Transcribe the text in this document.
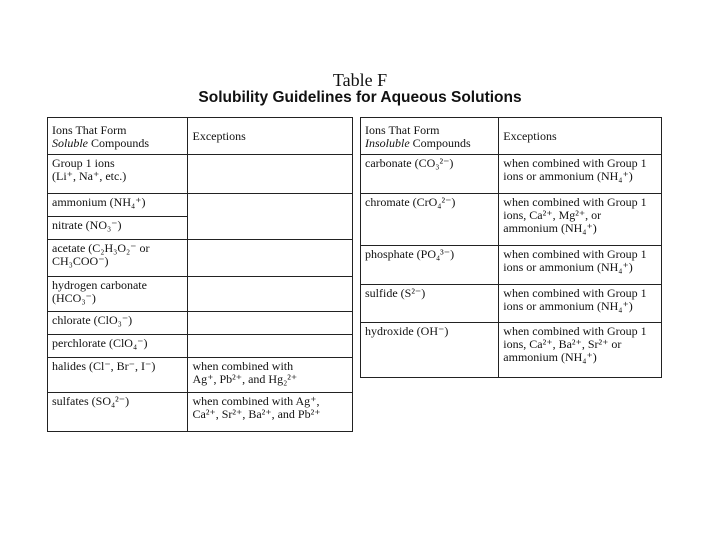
Table F
Solubility Guidelines for Aqueous Solutions
Ions That Form
Soluble Compounds	Exceptions

Group 1 ions
(Li⁺, Na⁺, etc.)	

ammonium (NH₄⁺)	

nitrate (NO₃⁻)	

acetate (C₂H₃O₂⁻ or
CH₃COO⁻)	

hydrogen carbonate
(HCO₃⁻)	

chlorate (ClO₃⁻)	

perchlorate (ClO₄⁻)	

halides (Cl⁻, Br⁻, I⁻)	when combined with
Ag⁺, Pb²⁺, and Hg₂²⁺

sulfates (SO₄²⁻)	when combined with Ag⁺,
Ca²⁺, Sr²⁺, Ba²⁺, and Pb²⁺
Ions That Form
Insoluble Compounds	Exceptions

carbonate (CO₃²⁻)	when combined with Group 1
ions or ammonium (NH₄⁺)

chromate (CrO₄²⁻)	when combined with Group 1
ions, Ca²⁺, Mg²⁺, or
ammonium (NH₄⁺)

phosphate (PO₄³⁻)	when combined with Group 1
ions or ammonium (NH₄⁺)

sulfide (S²⁻)	when combined with Group 1
ions or ammonium (NH₄⁺)

hydroxide (OH⁻)	when combined with Group 1
ions, Ca²⁺, Ba²⁺, Sr²⁺ or
ammonium (NH₄⁺)
